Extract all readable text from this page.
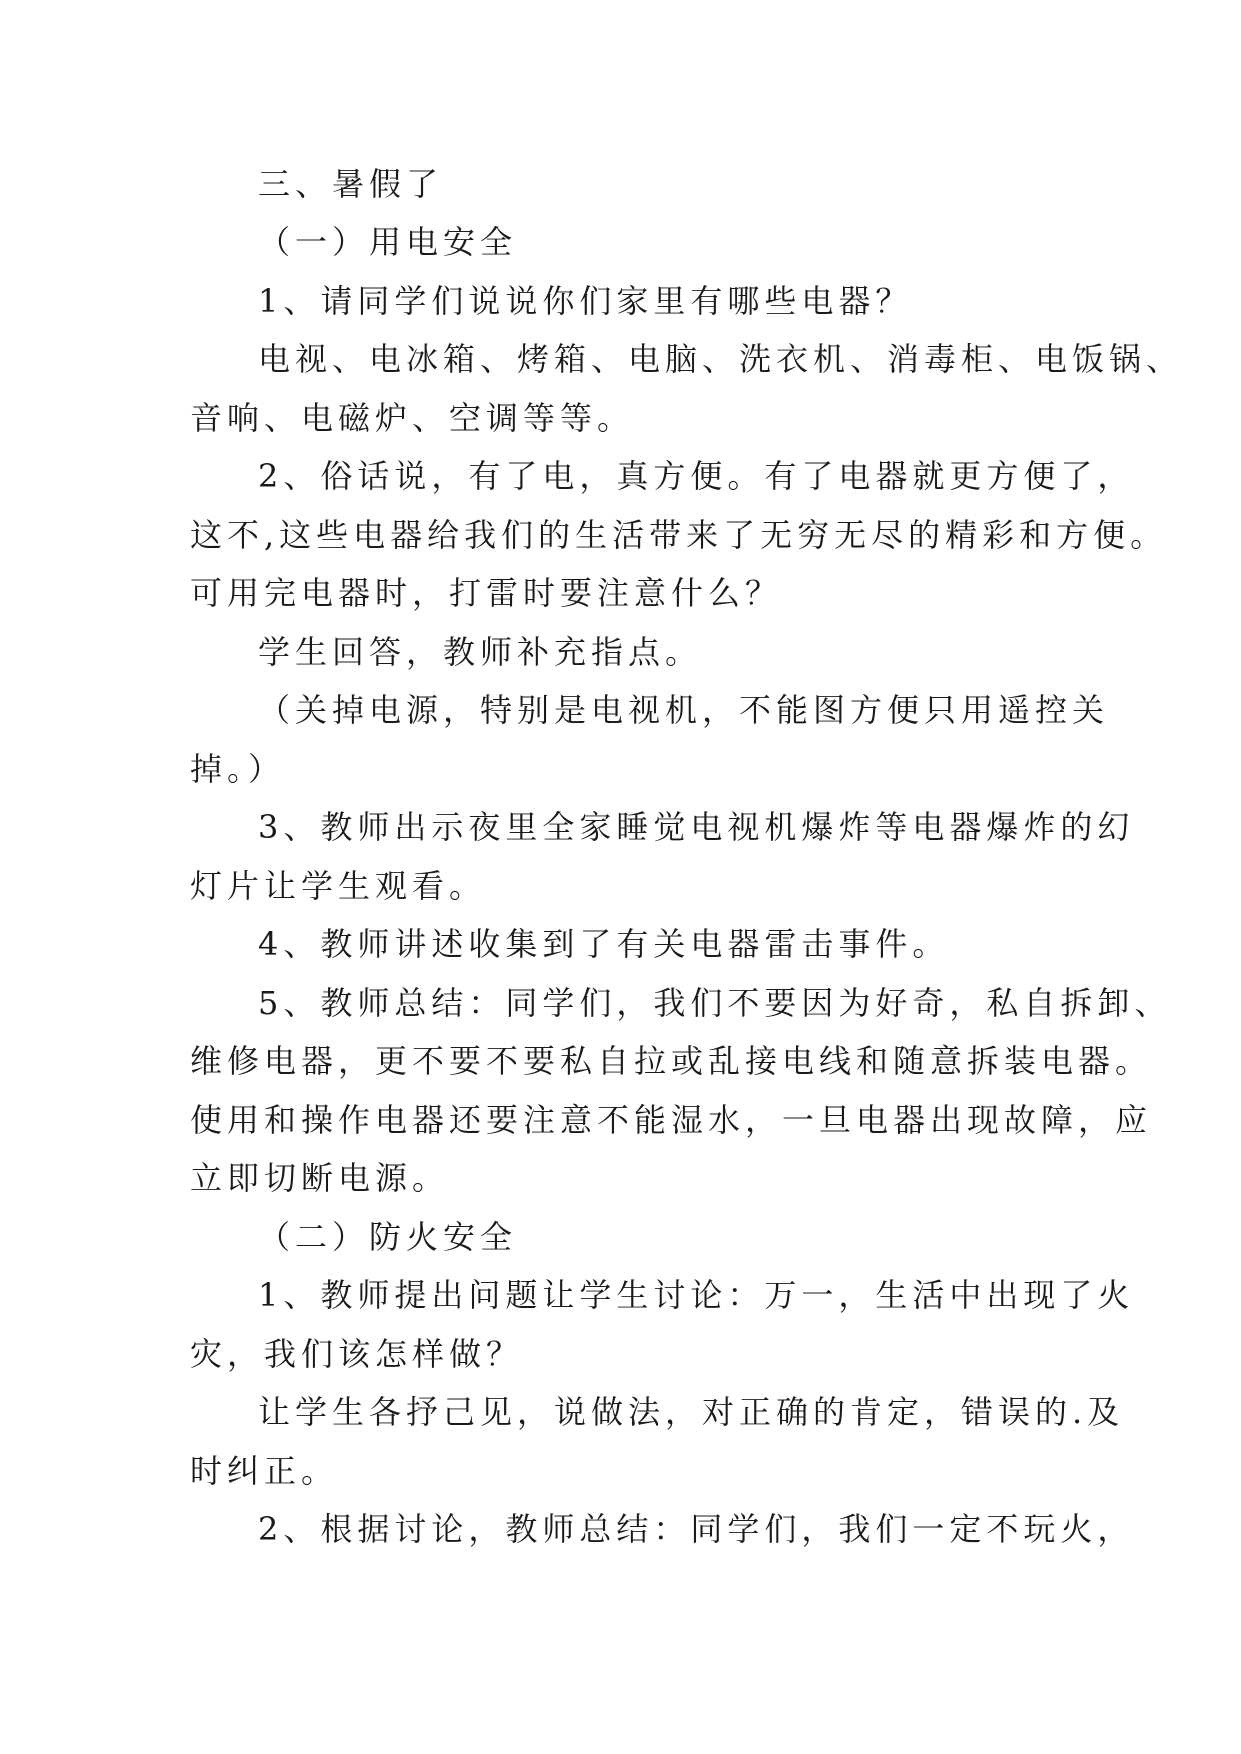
三、暑假了
（一）用电安全
1、请同学们说说你们家里有哪些电器？
电视、电冰箱、烤箱、电脑、洗衣机、消毒柜、电饭锅、
音响、电磁炉、空调等等。
2、俗话说，有了电，真方便。有了电器就更方便了，
这不,这些电器给我们的生活带来了无穷无尽的精彩和方便。
可用完电器时，打雷时要注意什么？
学生回答，教师补充指点。
（关掉电源，特别是电视机，不能图方便只用遥控关
掉。）
3、教师出示夜里全家睡觉电视机爆炸等电器爆炸的幻
灯片让学生观看。
4、教师讲述收集到了有关电器雷击事件。
5、教师总结：同学们，我们不要因为好奇，私自拆卸、
维修电器，更不要不要私自拉或乱接电线和随意拆装电器。
使用和操作电器还要注意不能湿水，一旦电器出现故障，应
立即切断电源。
（二）防火安全
1、教师提出问题让学生讨论：万一，生活中出现了火
灾，我们该怎样做？
让学生各抒己见，说做法，对正确的肯定，错误的.及
时纠正。
2、根据讨论，教师总结：同学们，我们一定不玩火，
